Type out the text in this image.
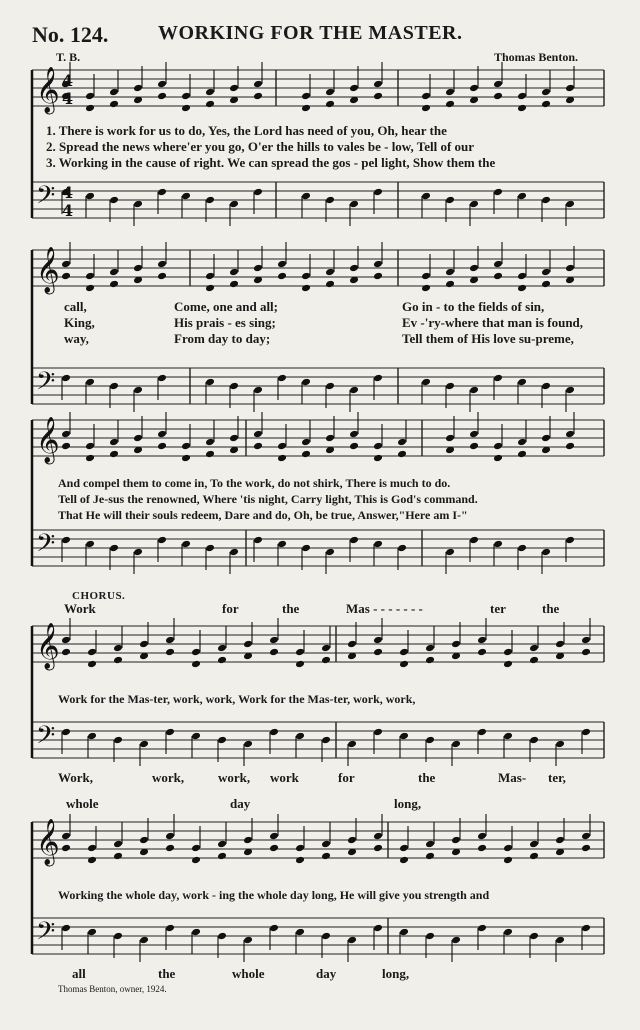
No. 124. WORKING FOR THE MASTER.
T. B.	Thomas Benton.
𝄞
𝄢
𝄞
𝄢
𝄞
𝄢
𝄞
𝄢
𝄞
𝄢
4
4
4
4
1. There is work for us to do, Yes, the Lord has need of you, Oh, hear the
2. Spread the news where'er you go, O'er the hills to vales be - low, Tell of our
3. Working in the cause of right. We can spread the gos - pel light, Show them the
call,	Come, one and all;	Go in - to the fields of sin,
King,	His prais - es sing;	Ev -'ry-where that man is found,
way,	From day to day;	Tell them of His love su-preme,
And compel them to come in, To the work, do not shirk, There is much to do.
Tell of Je-sus the renowned, Where 'tis night, Carry light, This is God's command.
That He will their souls redeem, Dare and do, Oh, be true, Answer,"Here am I-"
CHORUS.
Work	for	the	Mas - - - - - - -	ter	the
Work for the Mas-ter, work, work, Work for the Mas-ter, work, work,
Work,	work,	work, work	for	the	Mas- ter,
whole	day	long,
Working the whole day, work - ing the whole day long, He will give you strength and
all	the	whole	day	long,
Thomas Benton, owner, 1924.
